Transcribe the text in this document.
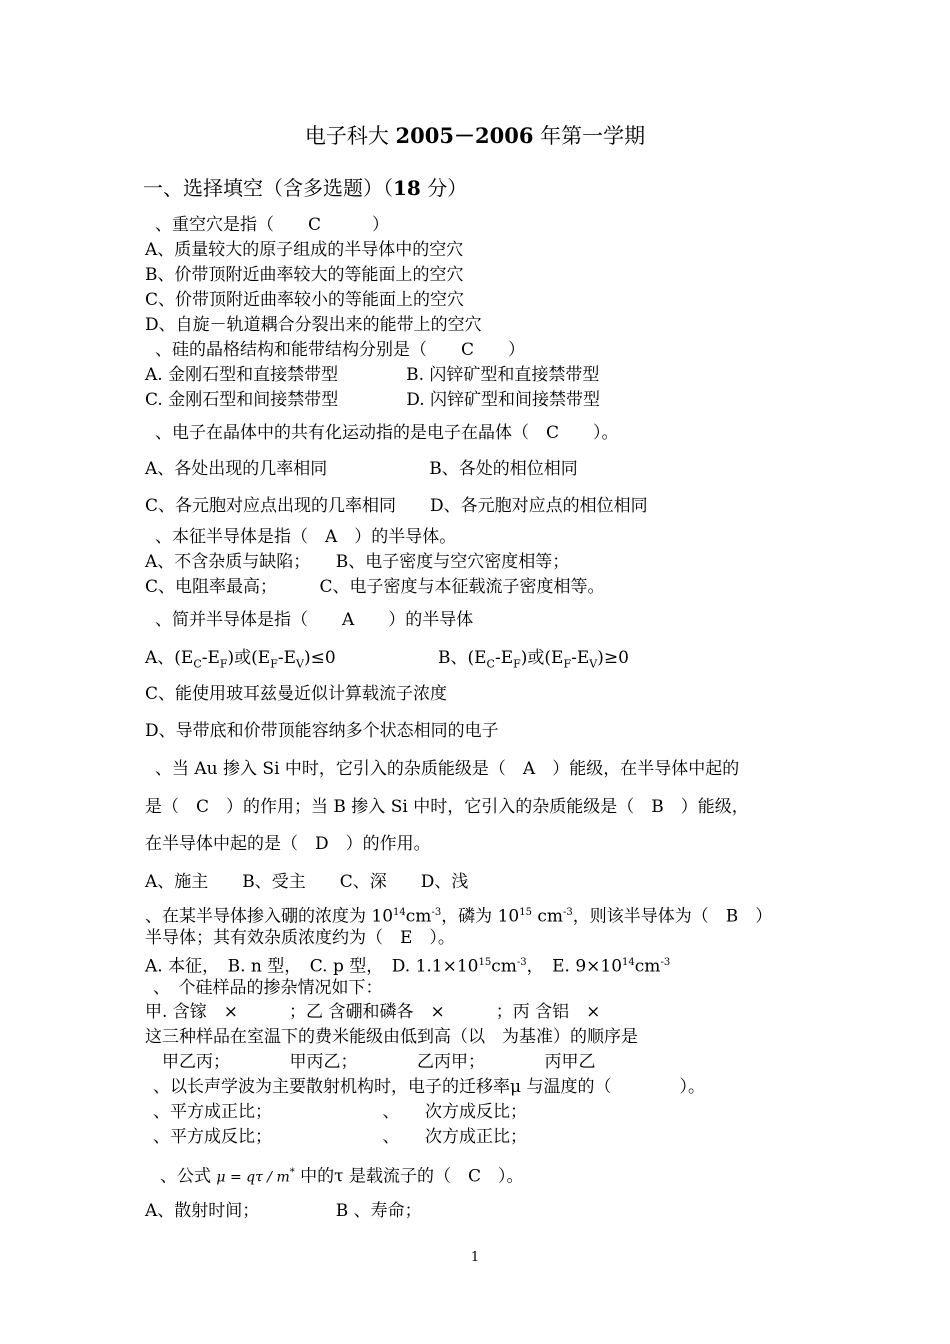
电子科大 2005－2006 年第一学期
一、选择填空（含多选题）（18 分）
、重空穴是指（　　C　　　）
A、质量较大的原子组成的半导体中的空穴
B、价带顶附近曲率较大的等能面上的空穴
C、价带顶附近曲率较小的等能面上的空穴
D、自旋－轨道耦合分裂出来的能带上的空穴
、硅的晶格结构和能带结构分别是（　　C　　）
A. 金刚石型和直接禁带型　　　　B. 闪锌矿型和直接禁带型
C. 金刚石型和间接禁带型　　　　D. 闪锌矿型和间接禁带型
、电子在晶体中的共有化运动指的是电子在晶体（　C　　）。
A、各处出现的几率相同　　　　　　B、各处的相位相同
C、各元胞对应点出现的几率相同　　D、各元胞对应点的相位相同
、本征半导体是指（　A　）的半导体。
A、不含杂质与缺陷；　　B、电子密度与空穴密度相等；
C、电阻率最高；　　　C、电子密度与本征载流子密度相等。
、简并半导体是指（　　A　　）的半导体
A、$(E_C-E_F)$或$(E_F-E_V)\le 0$	B、$(E_C-E_F)$或$(E_F-E_V)\ge 0$
C、能使用玻耳兹曼近似计算载流子浓度
D、导带底和价带顶能容纳多个状态相同的电子
、当 Au 掺入 Si 中时，它引入的杂质能级是（　A　）能级，在半导体中起的
是（　C　）的作用；当 B 掺入 Si 中时，它引入的杂质能级是（　B　）能级，
在半导体中起的是（　D　）的作用。
A、施主　　B、受主　　C、深　　D、浅
、在某半导体掺入硼的浓度为 $10^{14}cm^{-3}$，磷为 $10^{15}$ $cm^{-3}$，则该半导体为（　B　）
半导体；其有效杂质浓度约为（　E　）。
A. 本征，　B. n 型，　C. p 型，　D. $1.1\times 10^{15}cm^{-3}$，　E. $9\times 10^{14}cm^{-3}$
、　个硅样品的掺杂情况如下：
甲. 含镓　×　　　；乙 含硼和磷各　×　　　；丙 含铝　×
这三种样品在室温下的费米能级由低到高（以　为基准）的顺序是
　甲乙丙；　　　　甲丙乙；　　　　乙丙甲；　　　　丙甲乙
、以长声学波为主要散射机构时，电子的迁移率μ 与温度的（　　　　）。
、平方成正比；　　　　　　　、　　次方成反比；
、平方成反比；　　　　　　　、　　次方成正比；
、公式 μ = qτ / m* 中的τ 是载流子的（　C　）。
A、散射时间；　　　　　B 、寿命；
1
